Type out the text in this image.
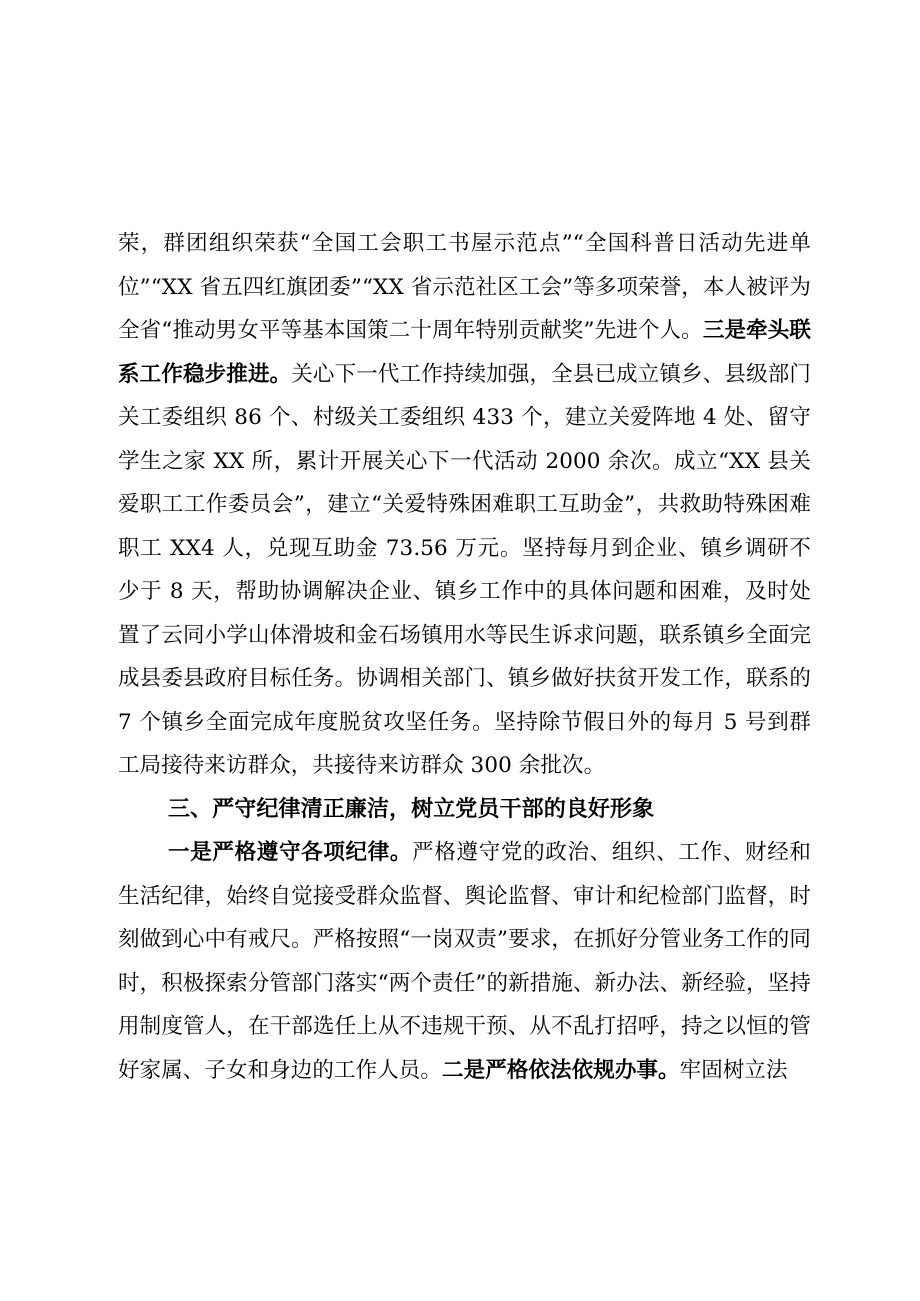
荣，群团组织荣获“全国工会职工书屋示范点”“全国科普日活动先进单位”“XX 省五四红旗团委”“XX 省示范社区工会”等多项荣誉，本人被评为全省“推动男女平等基本国策二十周年特别贡献奖”先进个人。三是牵头联系工作稳步推进。关心下一代工作持续加强，全县已成立镇乡、县级部门关工委组织 86 个、村级关工委组织 433 个，建立关爱阵地 4 处、留守学生之家 XX 所，累计开展关心下一代活动 2000 余次。成立“XX 县关爱职工工作委员会”，建立“关爱特殊困难职工互助金”，共救助特殊困难职工 XX4 人，兑现互助金 73.56 万元。坚持每月到企业、镇乡调研不少于 8 天，帮助协调解决企业、镇乡工作中的具体问题和困难，及时处置了云同小学山体滑坡和金石场镇用水等民生诉求问题，联系镇乡全面完成县委县政府目标任务。协调相关部门、镇乡做好扶贫开发工作，联系的 7 个镇乡全面完成年度脱贫攻坚任务。坚持除节假日外的每月 5 号到群工局接待来访群众，共接待来访群众 300 余批次。

三、严守纪律清正廉洁，树立党员干部的良好形象

一是严格遵守各项纪律。严格遵守党的政治、组织、工作、财经和生活纪律，始终自觉接受群众监督、舆论监督、审计和纪检部门监督，时刻做到心中有戒尺。严格按照“一岗双责”要求，在抓好分管业务工作的同时，积极探索分管部门落实“两个责任”的新措施、新办法、新经验，坚持用制度管人，在干部选任上从不违规干预、从不乱打招呼，持之以恒的管好家属、子女和身边的工作人员。二是严格依法依规办事。牢固树立法
